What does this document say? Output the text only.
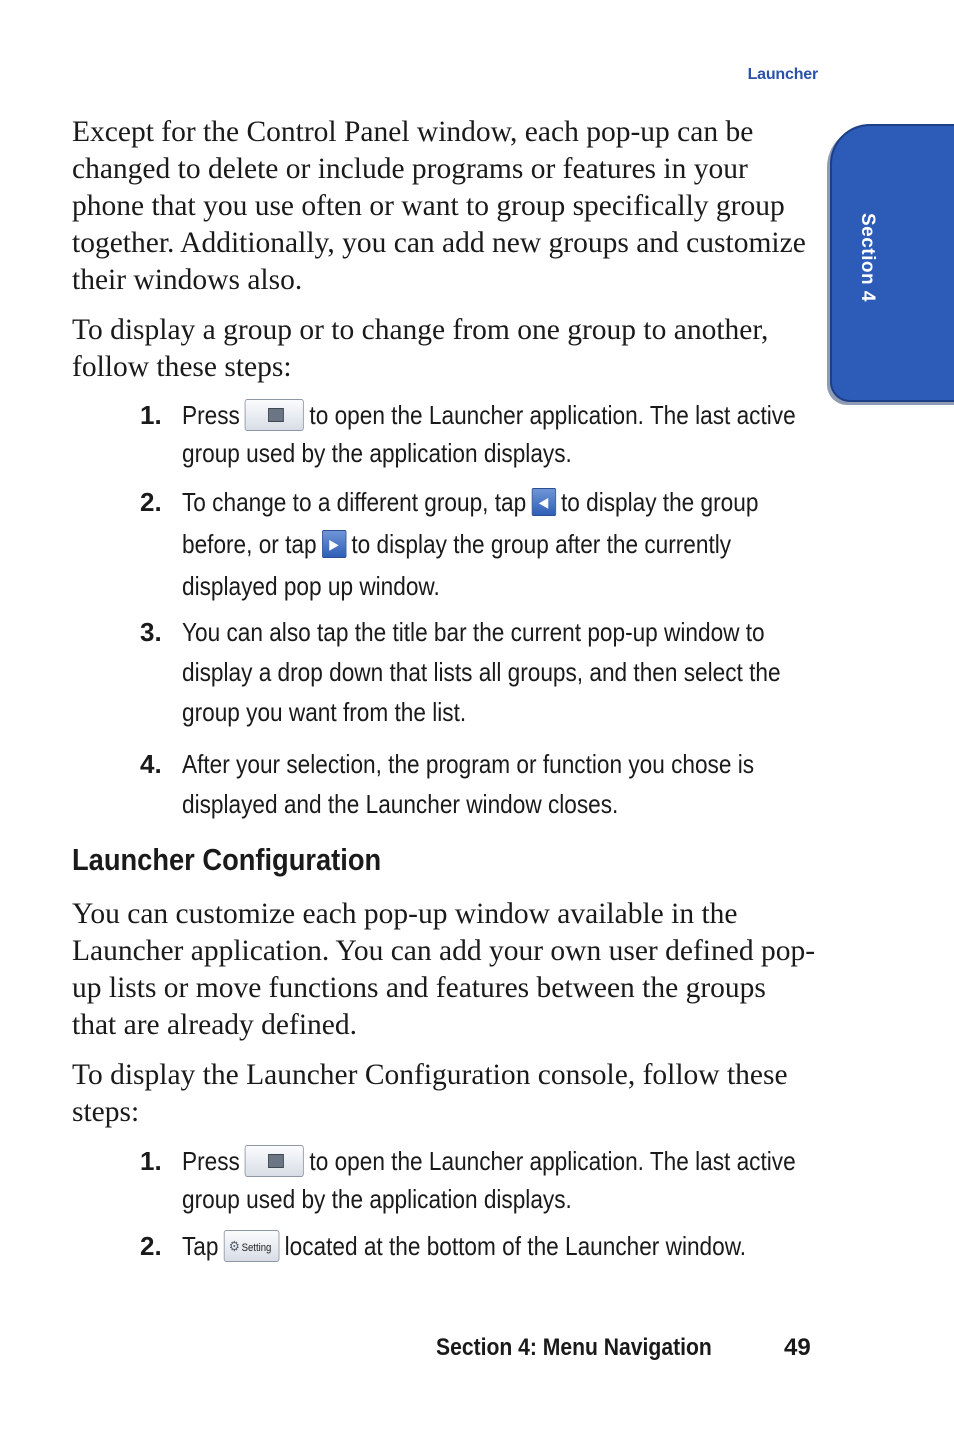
Launcher
Section 4

Except for the Control Panel window, each pop-up can be changed to delete or include programs or features in your phone that you use often or want to group specifically group together. Additionally, you can add new groups and customize their windows also.

To display a group or to change from one group to another, follow these steps:

1. Press	to open the Launcher application. The last active group used by the application displays.
2. To change to a different group, tap ◀ to display the group before, or tap ▶ to display the group after the currently displayed pop up window.
3. You can also tap the title bar the current pop-up window to display a drop down that lists all groups, and then select the group you want from the list.
4. After your selection, the program or function you chose is displayed and the Launcher window closes.
Launcher Configuration

You can customize each pop-up window available in the Launcher application. You can add your own user defined pop-up lists or move functions and features between the groups that are already defined.

To display the Launcher Configuration console, follow these steps:

1. Press	to open the Launcher application. The last active group used by the application displays.
2. Tap ⚙ Setting located at the bottom of the Launcher window.
Section 4: Menu Navigation	49
